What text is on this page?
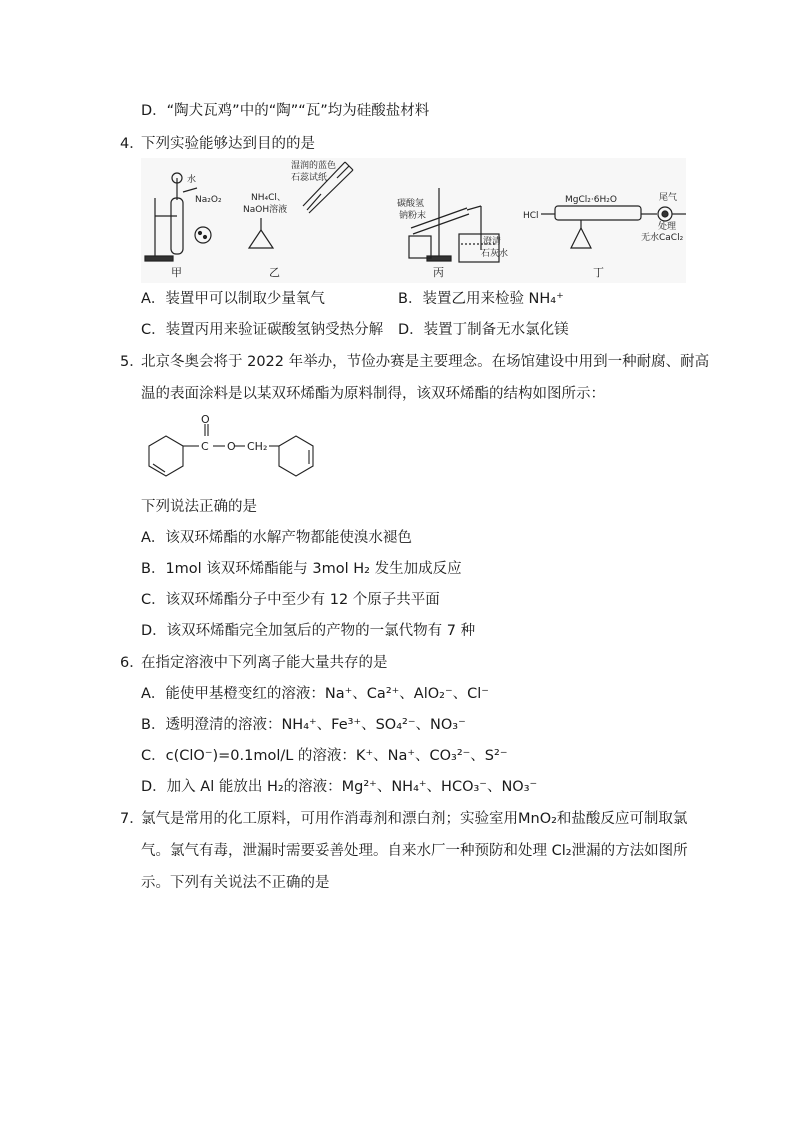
D．“陶犬瓦鸡”中的“陶”“瓦”均为硅酸盐材料
4．
下列实验能够达到目的的是
水
Na₂O₂
甲
湿润的蓝色
石蕊试纸
NH₄Cl、
NaOH溶液
乙
碳酸氢
钠粉末
澄清
石灰水
丙
HCl
MgCl₂·6H₂O	尾气
无水CaCl₂
丁
处理
A．装置甲可以制取少量氧气	B．装置乙用来检验 NH₄⁺
C．装置丙用来验证碳酸氢钠受热分解 D．装置丁制备无水氯化镁
5．
北京冬奥会将于 2022 年举办，节俭办赛是主要理念。在场馆建设中用到一种耐腐、耐高
温的表面涂料是以某双环烯酯为原料制得，该双环烯酯的结构如图所示：
O
C O CH₂
下列说法正确的是
A．该双环烯酯的水解产物都能使溴水褪色
B．1mol 该双环烯酯能与 3mol H₂ 发生加成反应
C．该双环烯酯分子中至少有 12 个原子共平面
D．该双环烯酯完全加氢后的产物的一氯代物有 7 种
6．
在指定溶液中下列离子能大量共存的是
A．能使甲基橙变红的溶液：Na⁺、Ca²⁺、AlO₂⁻、Cl⁻
B．透明澄清的溶液：NH₄⁺、Fe³⁺、SO₄²⁻、NO₃⁻
C．c(ClO⁻)=0.1mol/L 的溶液：K⁺、Na⁺、CO₃²⁻、S²⁻
D．加入 Al 能放出 H₂的溶液：Mg²⁺、NH₄⁺、HCO₃⁻、NO₃⁻
7．
氯气是常用的化工原料，可用作消毒剂和漂白剂；实验室用MnO₂和盐酸反应可制取氯
气。氯气有毒，泄漏时需要妥善处理。自来水厂一种预防和处理 Cl₂泄漏的方法如图所
示。下列有关说法不正确的是
